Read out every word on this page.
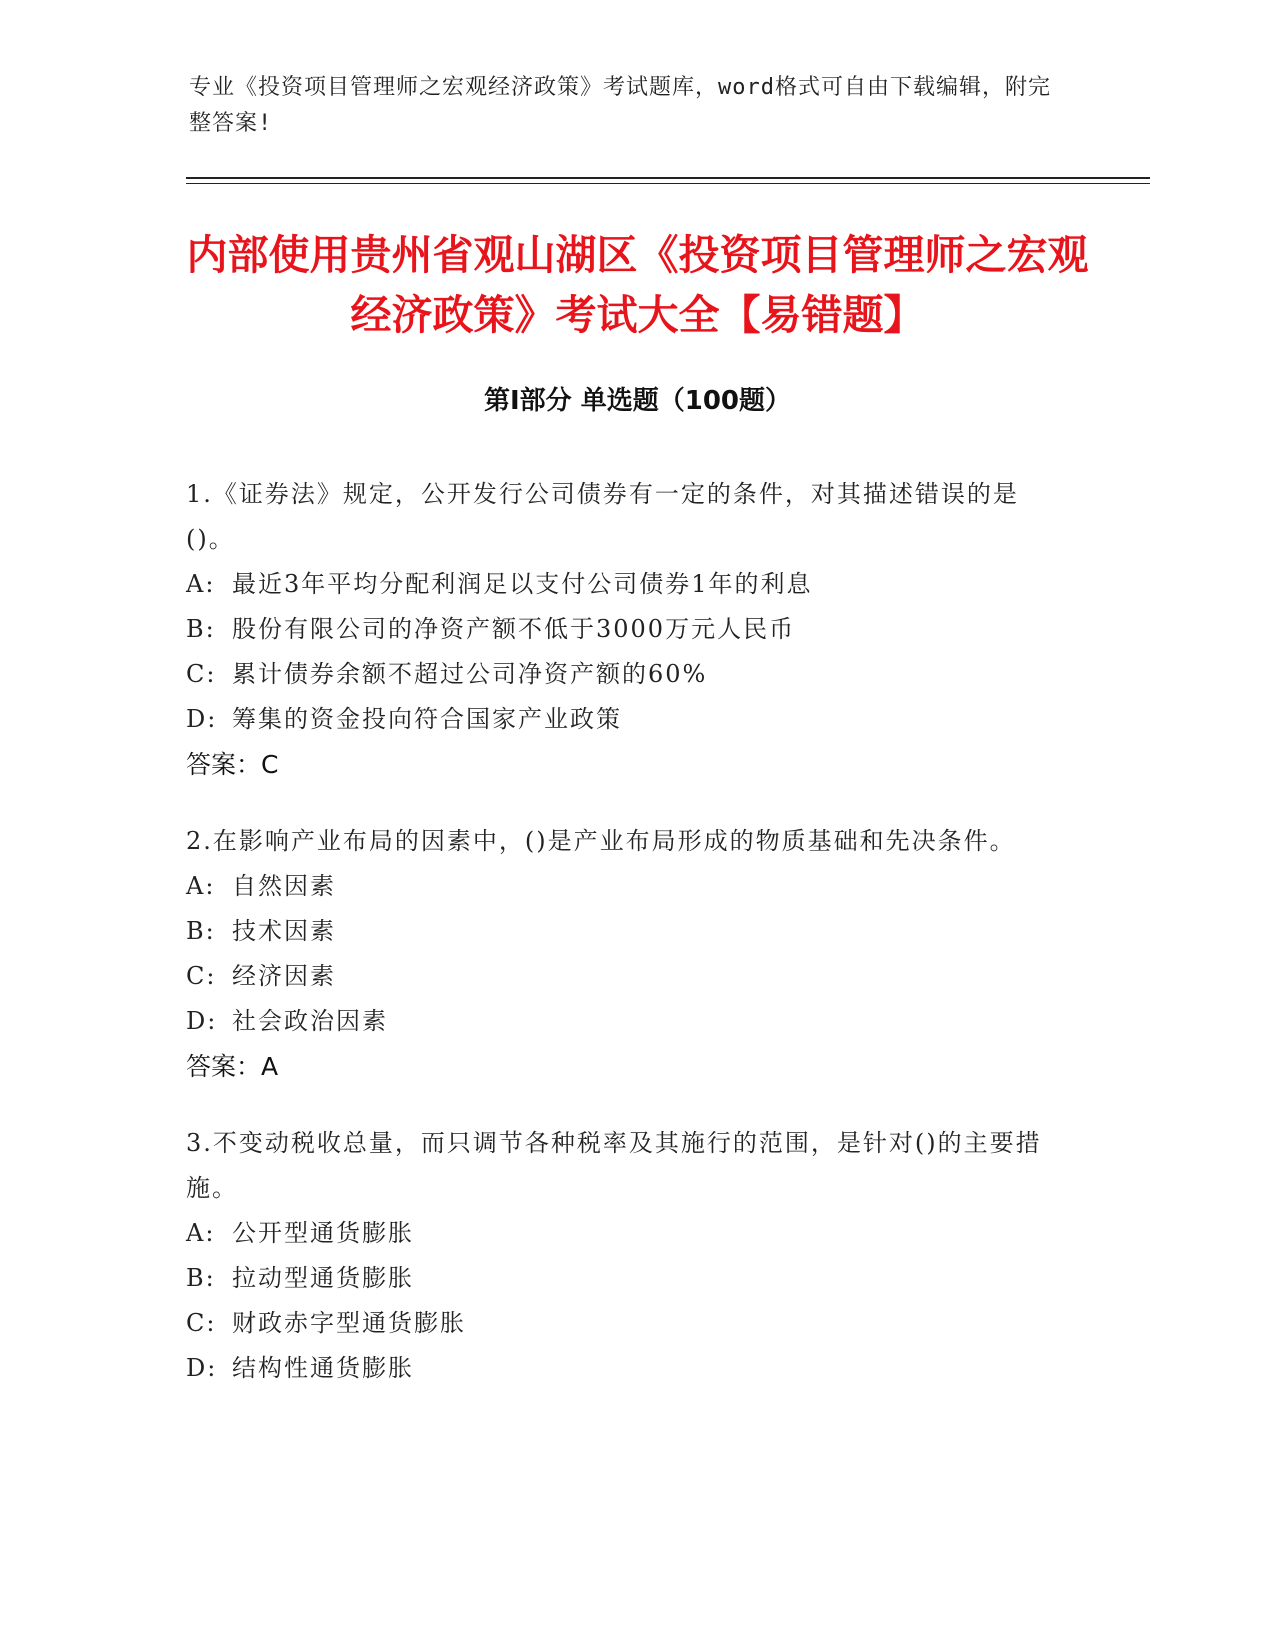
专业《投资项目管理师之宏观经济政策》考试题库，word格式可自由下载编辑，附完整答案!
内部使用贵州省观山湖区《投资项目管理师之宏观经济政策》考试大全【易错题】
第I部分 单选题（100题）

1.《证券法》规定，公开发行公司债券有一定的条件，对其描述错误的是()。

A: 最近3年平均分配利润足以支付公司债券1年的利息

B: 股份有限公司的净资产额不低于3000万元人民币

C: 累计债券余额不超过公司净资产额的60%

D: 筹集的资金投向符合国家产业政策

答案：C

2.在影响产业布局的因素中，()是产业布局形成的物质基础和先决条件。

A: 自然因素

B: 技术因素

C: 经济因素

D: 社会政治因素

答案：A

3.不变动税收总量，而只调节各种税率及其施行的范围，是针对()的主要措施。

A: 公开型通货膨胀

B: 拉动型通货膨胀

C: 财政赤字型通货膨胀

D: 结构性通货膨胀
